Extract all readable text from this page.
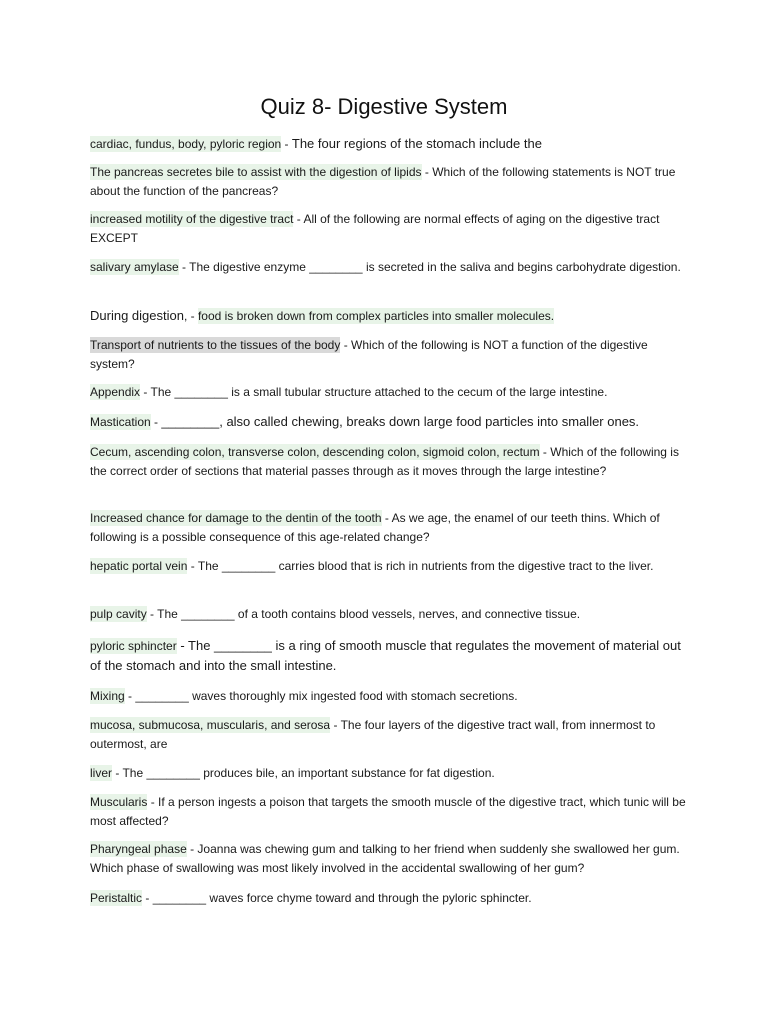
Quiz 8- Digestive System

cardiac, fundus, body, pyloric region - The four regions of the stomach include the

The pancreas secretes bile to assist with the digestion of lipids - Which of the following statements is NOT true about the function of the pancreas?

increased motility of the digestive tract - All of the following are normal effects of aging on the digestive tract EXCEPT

salivary amylase - The digestive enzyme ________ is secreted in the saliva and begins carbohydrate digestion.

During digestion, - food is broken down from complex particles into smaller molecules.

Transport of nutrients to the tissues of the body - Which of the following is NOT a function of the digestive system?

Appendix - The ________ is a small tubular structure attached to the cecum of the large intestine.

Mastication - ________, also called chewing, breaks down large food particles into smaller ones.

Cecum, ascending colon, transverse colon, descending colon, sigmoid colon, rectum - Which of the following is the correct order of sections that material passes through as it moves through the large intestine?

Increased chance for damage to the dentin of the tooth - As we age, the enamel of our teeth thins. Which of following is a possible consequence of this age-related change?

hepatic portal vein - The ________ carries blood that is rich in nutrients from the digestive tract to the liver.

pulp cavity - The ________ of a tooth contains blood vessels, nerves, and connective tissue.

pyloric sphincter - The ________ is a ring of smooth muscle that regulates the movement of material out of the stomach and into the small intestine.

Mixing - ________ waves thoroughly mix ingested food with stomach secretions.

mucosa, submucosa, muscularis, and serosa - The four layers of the digestive tract wall, from innermost to outermost, are

liver - The ________ produces bile, an important substance for fat digestion.

Muscularis - If a person ingests a poison that targets the smooth muscle of the digestive tract, which tunic will be most affected?

Pharyngeal phase - Joanna was chewing gum and talking to her friend when suddenly she swallowed her gum. Which phase of swallowing was most likely involved in the accidental swallowing of her gum?

Peristaltic - ________ waves force chyme toward and through the pyloric sphincter.
